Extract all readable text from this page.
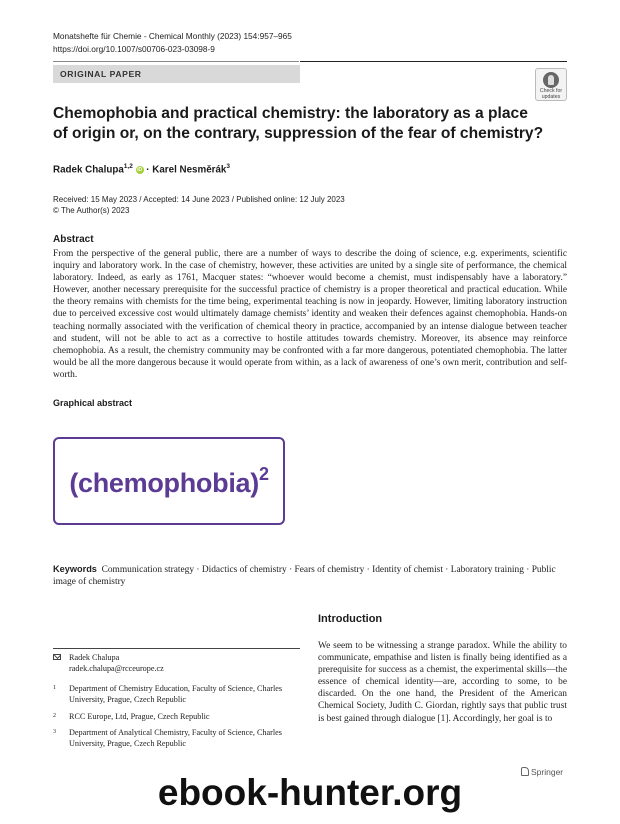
Monatshefte für Chemie - Chemical Monthly (2023) 154:957–965
https://doi.org/10.1007/s00706-023-03098-9
ORIGINAL PAPER
Check for
updates
Chemophobia and practical chemistry: the laboratory as a place
of origin or, on the contrary, suppression of the fear of chemistry?
Radek Chalupa$^{1,2}$ iD · Karel Nesměrák$^3$
Received: 15 May 2023 / Accepted: 14 June 2023 / Published online: 12 July 2023
© The Author(s) 2023
Abstract
From the perspective of the general public, there are a number of ways to describe the doing of science, e.g. experiments, scientific inquiry and laboratory work. In the case of chemistry, however, these activities are united by a single site of performance, the chemical laboratory. Indeed, as early as 1761, Macquer states: “whoever would become a chemist, must indispensably have a laboratory.” However, another necessary prerequisite for the successful practice of chemistry is a proper theoretical and practical education. While the theory remains with chemists for the time being, experimental teaching is now in jeopardy. However, limiting laboratory instruction due to perceived excessive cost would ultimately damage chemists’ identity and weaken their defences against chemophobia. Hands-on teaching normally associated with the verification of chemical theory in practice, accompanied by an intense dialogue between teacher and student, will not be able to act as a corrective to hostile attitudes towards chemistry. Moreover, its absence may reinforce chemophobia. As a result, the chemistry community may be confronted with a far more dangerous, potentiated chemophobia. The latter would be all the more dangerous because it would operate from within, as a lack of awareness of one’s own merit, contribution and self-worth.
Graphical abstract
(chemophobia)$^2$
Keywords Communication strategy · Didactics of chemistry · Fears of chemistry · Identity of chemist · Laboratory training · Public image of chemistry
Radek Chalupa
radek.chalupa@rcceurope.cz
1 Department of Chemistry Education, Faculty of Science, Charles University, Prague, Czech Republic
2 RCC Europe, Ltd, Prague, Czech Republic
3 Department of Analytical Chemistry, Faculty of Science, Charles University, Prague, Czech Republic
Introduction
We seem to be witnessing a strange paradox. While the ability to communicate, empathise and listen is finally being identified as a prerequisite for success as a chemist, the experimental skills—the essence of chemical identity—are, according to some, to be discarded. On the one hand, the President of the American Chemical Society, Judith C. Giordan, rightly says that public trust is best gained through dialogue [1]. Accordingly, her goal is to
Springer
ebook-hunter.org
